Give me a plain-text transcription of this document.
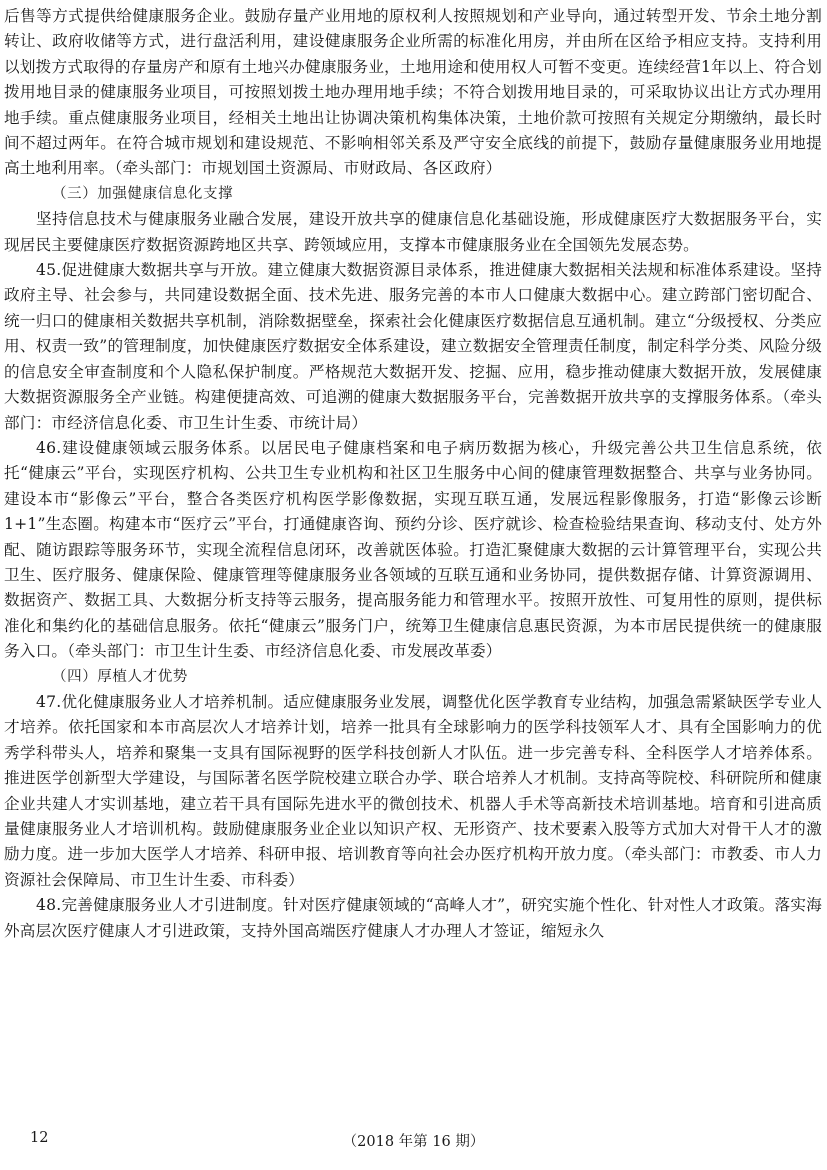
后售等方式提供给健康服务企业。鼓励存量产业用地的原权利人按照规划和产业导向，通过转型开发、节余土地分割转让、政府收储等方式，进行盘活利用，建设健康服务企业所需的标准化用房，并由所在区给予相应支持。支持利用以划拨方式取得的存量房产和原有土地兴办健康服务业，土地用途和使用权人可暂不变更。连续经营1年以上、符合划拨用地目录的健康服务业项目，可按照划拨土地办理用地手续；不符合划拨用地目录的，可采取协议出让方式办理用地手续。重点健康服务业项目，经相关土地出让协调决策机构集体决策，土地价款可按照有关规定分期缴纳，最长时间不超过两年。在符合城市规划和建设规范、不影响相邻关系及严守安全底线的前提下，鼓励存量健康服务业用地提高土地利用率。（牵头部门：市规划国土资源局、市财政局、各区政府）

（三）加强健康信息化支撑

坚持信息技术与健康服务业融合发展，建设开放共享的健康信息化基础设施，形成健康医疗大数据服务平台，实现居民主要健康医疗数据资源跨地区共享、跨领域应用，支撑本市健康服务业在全国领先发展态势。

45.促进健康大数据共享与开放。建立健康大数据资源目录体系，推进健康大数据相关法规和标准体系建设。坚持政府主导、社会参与，共同建设数据全面、技术先进、服务完善的本市人口健康大数据中心。建立跨部门密切配合、统一归口的健康相关数据共享机制，消除数据壁垒，探索社会化健康医疗数据信息互通机制。建立“分级授权、分类应用、权责一致”的管理制度，加快健康医疗数据安全体系建设，建立数据安全管理责任制度，制定科学分类、风险分级的信息安全审查制度和个人隐私保护制度。严格规范大数据开发、挖掘、应用，稳步推动健康大数据开放，发展健康大数据资源服务全产业链。构建便捷高效、可追溯的健康大数据服务平台，完善数据开放共享的支撑服务体系。（牵头部门：市经济信息化委、市卫生计生委、市统计局）

46.建设健康领域云服务体系。以居民电子健康档案和电子病历数据为核心，升级完善公共卫生信息系统，依托“健康云”平台，实现医疗机构、公共卫生专业机构和社区卫生服务中心间的健康管理数据整合、共享与业务协同。建设本市“影像云”平台，整合各类医疗机构医学影像数据，实现互联互通，发展远程影像服务，打造“影像云诊断1+1”生态圈。构建本市“医疗云”平台，打通健康咨询、预约分诊、医疗就诊、检查检验结果查询、移动支付、处方外配、随访跟踪等服务环节，实现全流程信息闭环，改善就医体验。打造汇聚健康大数据的云计算管理平台，实现公共卫生、医疗服务、健康保险、健康管理等健康服务业各领域的互联互通和业务协同，提供数据存储、计算资源调用、数据资产、数据工具、大数据分析支持等云服务，提高服务能力和管理水平。按照开放性、可复用性的原则，提供标准化和集约化的基础信息服务。依托“健康云”服务门户，统筹卫生健康信息惠民资源，为本市居民提供统一的健康服务入口。（牵头部门：市卫生计生委、市经济信息化委、市发展改革委）

（四）厚植人才优势

47.优化健康服务业人才培养机制。适应健康服务业发展，调整优化医学教育专业结构，加强急需紧缺医学专业人才培养。依托国家和本市高层次人才培养计划，培养一批具有全球影响力的医学科技领军人才、具有全国影响力的优秀学科带头人，培养和聚集一支具有国际视野的医学科技创新人才队伍。进一步完善专科、全科医学人才培养体系。推进医学创新型大学建设，与国际著名医学院校建立联合办学、联合培养人才机制。支持高等院校、科研院所和健康企业共建人才实训基地，建立若干具有国际先进水平的微创技术、机器人手术等高新技术培训基地。培育和引进高质量健康服务业人才培训机构。鼓励健康服务业企业以知识产权、无形资产、技术要素入股等方式加大对骨干人才的激励力度。进一步加大医学人才培养、科研申报、培训教育等向社会办医疗机构开放力度。（牵头部门：市教委、市人力资源社会保障局、市卫生计生委、市科委）

48.完善健康服务业人才引进制度。针对医疗健康领域的“高峰人才”，研究实施个性化、针对性人才政策。落实海外高层次医疗健康人才引进政策，支持外国高端医疗健康人才办理人才签证，缩短永久

12	（2018 年第 16 期）
